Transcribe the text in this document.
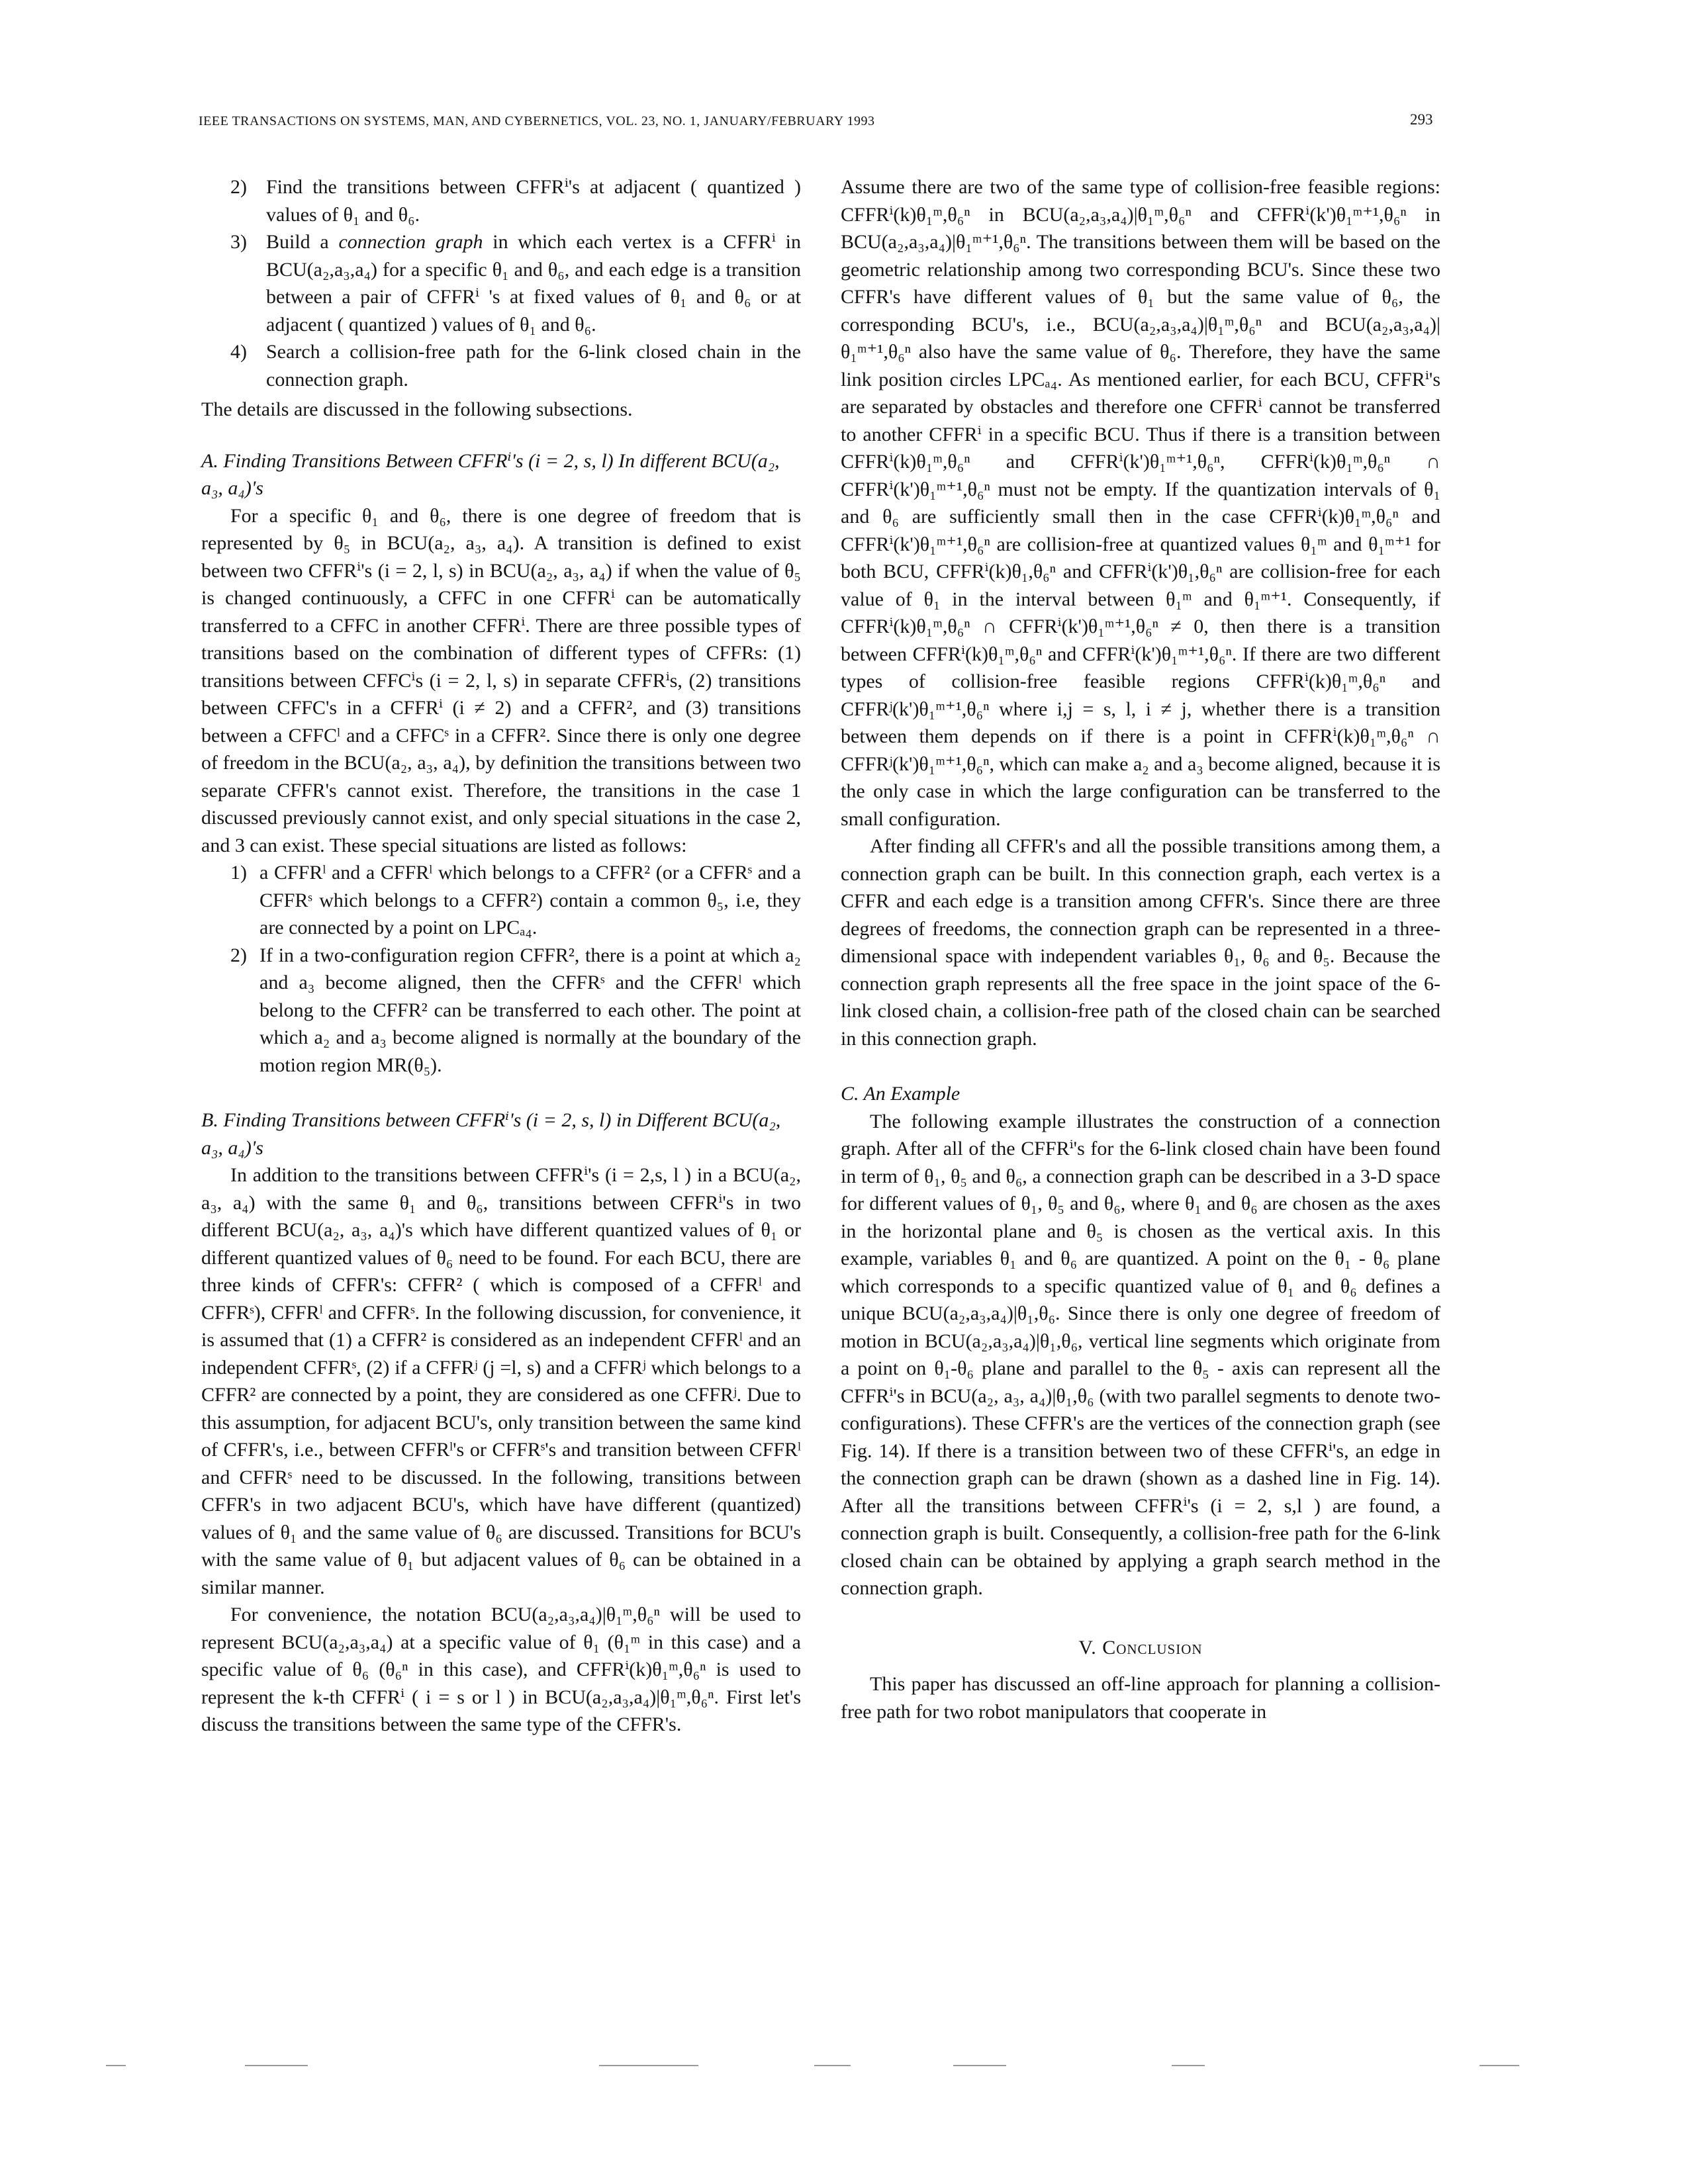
IEEE TRANSACTIONS ON SYSTEMS, MAN, AND CYBERNETICS, VOL. 23, NO. 1, JANUARY/FEBRUARY 1993	293
2) Find the transitions between CFFRⁱ's at adjacent ( quantized ) values of θ₁ and θ₆.
3) Build a connection graph in which each vertex is a CFFRⁱ in BCU(a₂,a₃,a₄) for a specific θ₁ and θ₆, and each edge is a transition between a pair of CFFRⁱ 's at fixed values of θ₁ and θ₆ or at adjacent ( quantized ) values of θ₁ and θ₆.
4) Search a collision-free path for the 6-link closed chain in the connection graph.

The details are discussed in the following subsections.

A. Finding Transitions Between CFFRⁱ's (i = 2, s, l) In different BCU(a₂, a₃, a₄)'s

For a specific θ₁ and θ₆, there is one degree of freedom that is represented by θ₅ in BCU(a₂, a₃, a₄). A transition is defined to exist between two CFFRⁱ's (i = 2, l, s) in BCU(a₂, a₃, a₄) if when the value of θ₅ is changed continuously, a CFFC in one CFFRⁱ can be automatically transferred to a CFFC in another CFFRⁱ. There are three possible types of transitions based on the combination of different types of CFFRs: (1) transitions between CFFCⁱs (i = 2, l, s) in separate CFFRⁱs, (2) transitions between CFFC's in a CFFRⁱ (i ≠ 2) and a CFFR², and (3) transitions between a CFFCˡ and a CFFCˢ in a CFFR². Since there is only one degree of freedom in the BCU(a₂, a₃, a₄), by definition the transitions between two separate CFFR's cannot exist. Therefore, the transitions in the case 1 discussed previously cannot exist, and only special situations in the case 2, and 3 can exist. These special situations are listed as follows:

1) a CFFRˡ and a CFFRˡ which belongs to a CFFR² (or a CFFRˢ and a CFFRˢ which belongs to a CFFR²) contain a common θ₅, i.e, they are connected by a point on LPCₐ₄.
2) If in a two-configuration region CFFR², there is a point at which a₂ and a₃ become aligned, then the CFFRˢ and the CFFRˡ which belong to the CFFR² can be transferred to each other. The point at which a₂ and a₃ become aligned is normally at the boundary of the motion region MR(θ₅).
B. Finding Transitions between CFFRⁱ's (i = 2, s, l) in Different BCU(a₂, a₃, a₄)'s

In addition to the transitions between CFFRⁱ's (i = 2,s, l ) in a BCU(a₂, a₃, a₄) with the same θ₁ and θ₆, transitions between CFFRⁱ's in two different BCU(a₂, a₃, a₄)'s which have different quantized values of θ₁ or different quantized values of θ₆ need to be found. For each BCU, there are three kinds of CFFR's: CFFR² ( which is composed of a CFFRˡ and CFFRˢ), CFFRˡ and CFFRˢ. In the following discussion, for convenience, it is assumed that (1) a CFFR² is considered as an independent CFFRˡ and an independent CFFRˢ, (2) if a CFFRʲ (j =l, s) and a CFFRʲ which belongs to a CFFR² are connected by a point, they are considered as one CFFRʲ. Due to this assumption, for adjacent BCU's, only transition between the same kind of CFFR's, i.e., between CFFRˡ's or CFFRˢ's and transition between CFFRˡ and CFFRˢ need to be discussed. In the following, transitions between CFFR's in two adjacent BCU's, which have have different (quantized) values of θ₁ and the same value of θ₆ are discussed. Transitions for BCU's with the same value of θ₁ but adjacent values of θ₆ can be obtained in a similar manner.

For convenience, the notation BCU(a₂,a₃,a₄)|θ₁ᵐ,θ₆ⁿ will be used to represent BCU(a₂,a₃,a₄) at a specific value of θ₁ (θ₁ᵐ in this case) and a specific value of θ₆ (θ₆ⁿ in this case), and CFFRⁱ(k)θ₁ᵐ,θ₆ⁿ is used to represent the k-th CFFRⁱ ( i = s or l ) in BCU(a₂,a₃,a₄)|θ₁ᵐ,θ₆ⁿ. First let's discuss the transitions between the same type of the CFFR's.

Assume there are two of the same type of collision-free feasible regions: CFFRⁱ(k)θ₁ᵐ,θ₆ⁿ in BCU(a₂,a₃,a₄)|θ₁ᵐ,θ₆ⁿ and CFFRⁱ(k')θ₁ᵐ⁺¹,θ₆ⁿ in BCU(a₂,a₃,a₄)|θ₁ᵐ⁺¹,θ₆ⁿ. The transitions between them will be based on the geometric relationship among two corresponding BCU's. Since these two CFFR's have different values of θ₁ but the same value of θ₆, the corresponding BCU's, i.e., BCU(a₂,a₃,a₄)|θ₁ᵐ,θ₆ⁿ and BCU(a₂,a₃,a₄)|θ₁ᵐ⁺¹,θ₆ⁿ also have the same value of θ₆. Therefore, they have the same link position circles LPCₐ₄. As mentioned earlier, for each BCU, CFFRⁱ's are separated by obstacles and therefore one CFFRⁱ cannot be transferred to another CFFRⁱ in a specific BCU. Thus if there is a transition between CFFRⁱ(k)θ₁ᵐ,θ₆ⁿ and CFFRⁱ(k')θ₁ᵐ⁺¹,θ₆ⁿ, CFFRⁱ(k)θ₁ᵐ,θ₆ⁿ ∩ CFFRⁱ(k')θ₁ᵐ⁺¹,θ₆ⁿ must not be empty. If the quantization intervals of θ₁ and θ₆ are sufficiently small then in the case CFFRⁱ(k)θ₁ᵐ,θ₆ⁿ and CFFRⁱ(k')θ₁ᵐ⁺¹,θ₆ⁿ are collision-free at quantized values θ₁ᵐ and θ₁ᵐ⁺¹ for both BCU, CFFRⁱ(k)θ₁,θ₆ⁿ and CFFRⁱ(k')θ₁,θ₆ⁿ are collision-free for each value of θ₁ in the interval between θ₁ᵐ and θ₁ᵐ⁺¹. Consequently, if CFFRⁱ(k)θ₁ᵐ,θ₆ⁿ ∩ CFFRⁱ(k')θ₁ᵐ⁺¹,θ₆ⁿ ≠ 0, then there is a transition between CFFRⁱ(k)θ₁ᵐ,θ₆ⁿ and CFFRⁱ(k')θ₁ᵐ⁺¹,θ₆ⁿ. If there are two different types of collision-free feasible regions CFFRⁱ(k)θ₁ᵐ,θ₆ⁿ and CFFRʲ(k')θ₁ᵐ⁺¹,θ₆ⁿ where i,j = s, l, i ≠ j, whether there is a transition between them depends on if there is a point in CFFRⁱ(k)θ₁ᵐ,θ₆ⁿ ∩ CFFRʲ(k')θ₁ᵐ⁺¹,θ₆ⁿ, which can make a₂ and a₃ become aligned, because it is the only case in which the large configuration can be transferred to the small configuration.

After finding all CFFR's and all the possible transitions among them, a connection graph can be built. In this connection graph, each vertex is a CFFR and each edge is a transition among CFFR's. Since there are three degrees of freedoms, the connection graph can be represented in a three-dimensional space with independent variables θ₁, θ₆ and θ₅. Because the connection graph represents all the free space in the joint space of the 6-link closed chain, a collision-free path of the closed chain can be searched in this connection graph.

C. An Example

The following example illustrates the construction of a connection graph. After all of the CFFRⁱ's for the 6-link closed chain have been found in term of θ₁, θ₅ and θ₆, a connection graph can be described in a 3-D space for different values of θ₁, θ₅ and θ₆, where θ₁ and θ₆ are chosen as the axes in the horizontal plane and θ₅ is chosen as the vertical axis. In this example, variables θ₁ and θ₆ are quantized. A point on the θ₁ - θ₆ plane which corresponds to a specific quantized value of θ₁ and θ₆ defines a unique BCU(a₂,a₃,a₄)|θ₁,θ₆. Since there is only one degree of freedom of motion in BCU(a₂,a₃,a₄)|θ₁,θ₆, vertical line segments which originate from a point on θ₁-θ₆ plane and parallel to the θ₅ - axis can represent all the CFFRⁱ's in BCU(a₂, a₃, a₄)|θ₁,θ₆ (with two parallel segments to denote two-configurations). These CFFR's are the vertices of the connection graph (see Fig. 14). If there is a transition between two of these CFFRⁱ's, an edge in the connection graph can be drawn (shown as a dashed line in Fig. 14). After all the transitions between CFFRⁱ's (i = 2, s,l ) are found, a connection graph is built. Consequently, a collision-free path for the 6-link closed chain can be obtained by applying a graph search method in the connection graph.

V. Conclusion

This paper has discussed an off-line approach for planning a collision-free path for two robot manipulators that cooperate in
